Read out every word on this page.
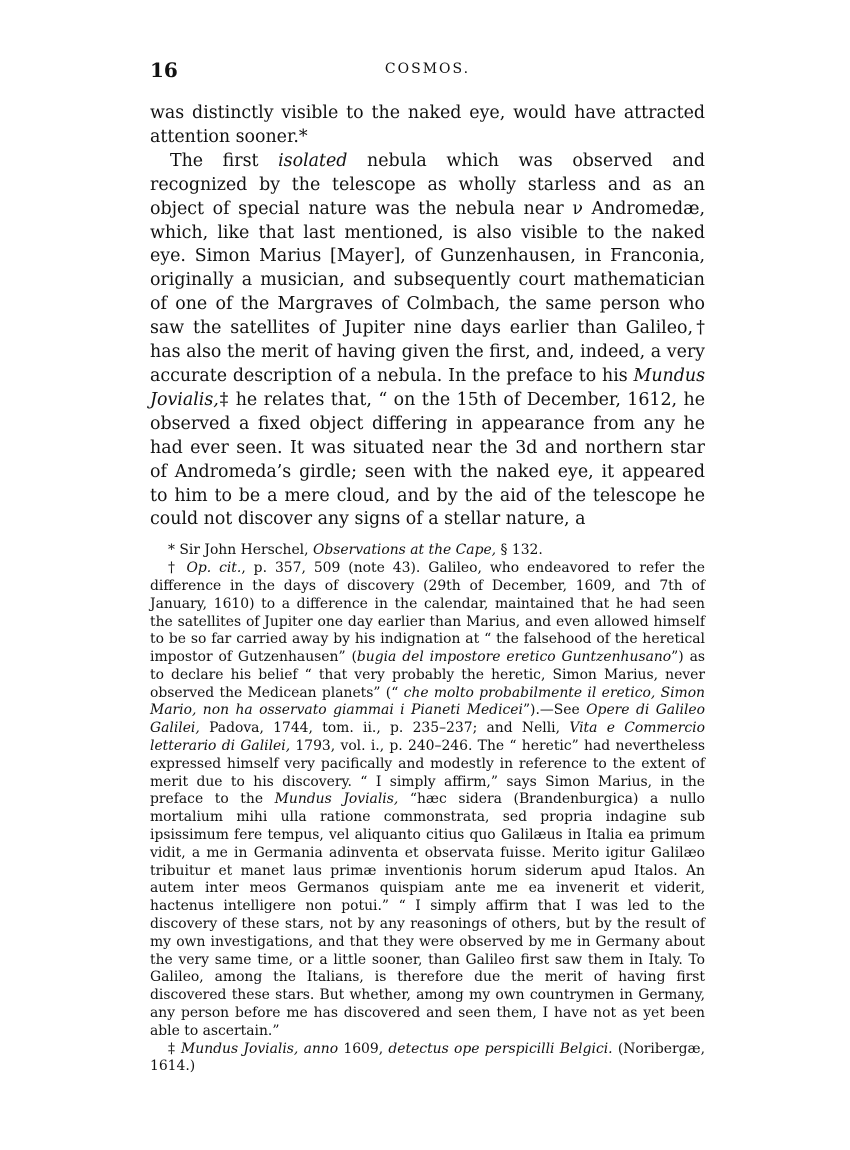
16	COSMOS.

was distinctly visible to the naked eye, would have attracted attention sooner.*

The first isolated nebula which was observed and recognized by the telescope as wholly starless and as an object of special nature was the nebula near ν Andromedæ, which, like that last mentioned, is also visible to the naked eye. Simon Marius [Mayer], of Gunzenhausen, in Franconia, originally a musician, and subsequently court mathematician of one of the Margraves of Colmbach, the same person who saw the satellites of Jupiter nine days earlier than Galileo,† has also the merit of having given the first, and, indeed, a very accurate description of a nebula. In the preface to his Mundus Jovialis,‡ he relates that, “ on the 15th of December, 1612, he observed a fixed object differing in appearance from any he had ever seen. It was situated near the 3d and northern star of Andromeda’s girdle; seen with the naked eye, it appeared to him to be a mere cloud, and by the aid of the telescope he could not discover any signs of a stellar nature, a

* Sir John Herschel, Observations at the Cape, § 132.

† Op. cit., p. 357, 509 (note 43). Galileo, who endeavored to refer the difference in the days of discovery (29th of December, 1609, and 7th of January, 1610) to a difference in the calendar, maintained that he had seen the satellites of Jupiter one day earlier than Marius, and even allowed himself to be so far carried away by his indignation at “ the falsehood of the heretical impostor of Gutzenhausen” (bugia del impostore eretico Guntzenhusano”) as to declare his belief “ that very probably the heretic, Simon Marius, never observed the Medicean planets” (“ che molto probabilmente il eretico, Simon Mario, non ha osservato giammai i Pianeti Medicei”).—See Opere di Galileo Galilei, Padova, 1744, tom. ii., p. 235–237; and Nelli, Vita e Commercio letterario di Galilei, 1793, vol. i., p. 240–246. The “ heretic” had nevertheless expressed himself very pacifically and modestly in reference to the extent of merit due to his discovery. “ I simply affirm,” says Simon Marius, in the preface to the Mundus Jovialis, “hæc sidera (Brandenburgica) a nullo mortalium mihi ulla ratione commonstrata, sed propria indagine sub ipsissimum fere tempus, vel aliquanto citius quo Galilæus in Italia ea primum vidit, a me in Germania adinventa et observata fuisse. Merito igitur Galilæo tribuitur et manet laus primæ inventionis horum siderum apud Italos. An autem inter meos Germanos quispiam ante me ea invenerit et viderit, hactenus intelligere non potui.” “ I simply affirm that I was led to the discovery of these stars, not by any reasonings of others, but by the result of my own investigations, and that they were observed by me in Germany about the very same time, or a little sooner, than Galileo first saw them in Italy. To Galileo, among the Italians, is therefore due the merit of having first discovered these stars. But whether, among my own countrymen in Germany, any person before me has discovered and seen them, I have not as yet been able to ascertain.”

‡ Mundus Jovialis, anno 1609, detectus ope perspicilli Belgici. (Noribergæ, 1614.)
